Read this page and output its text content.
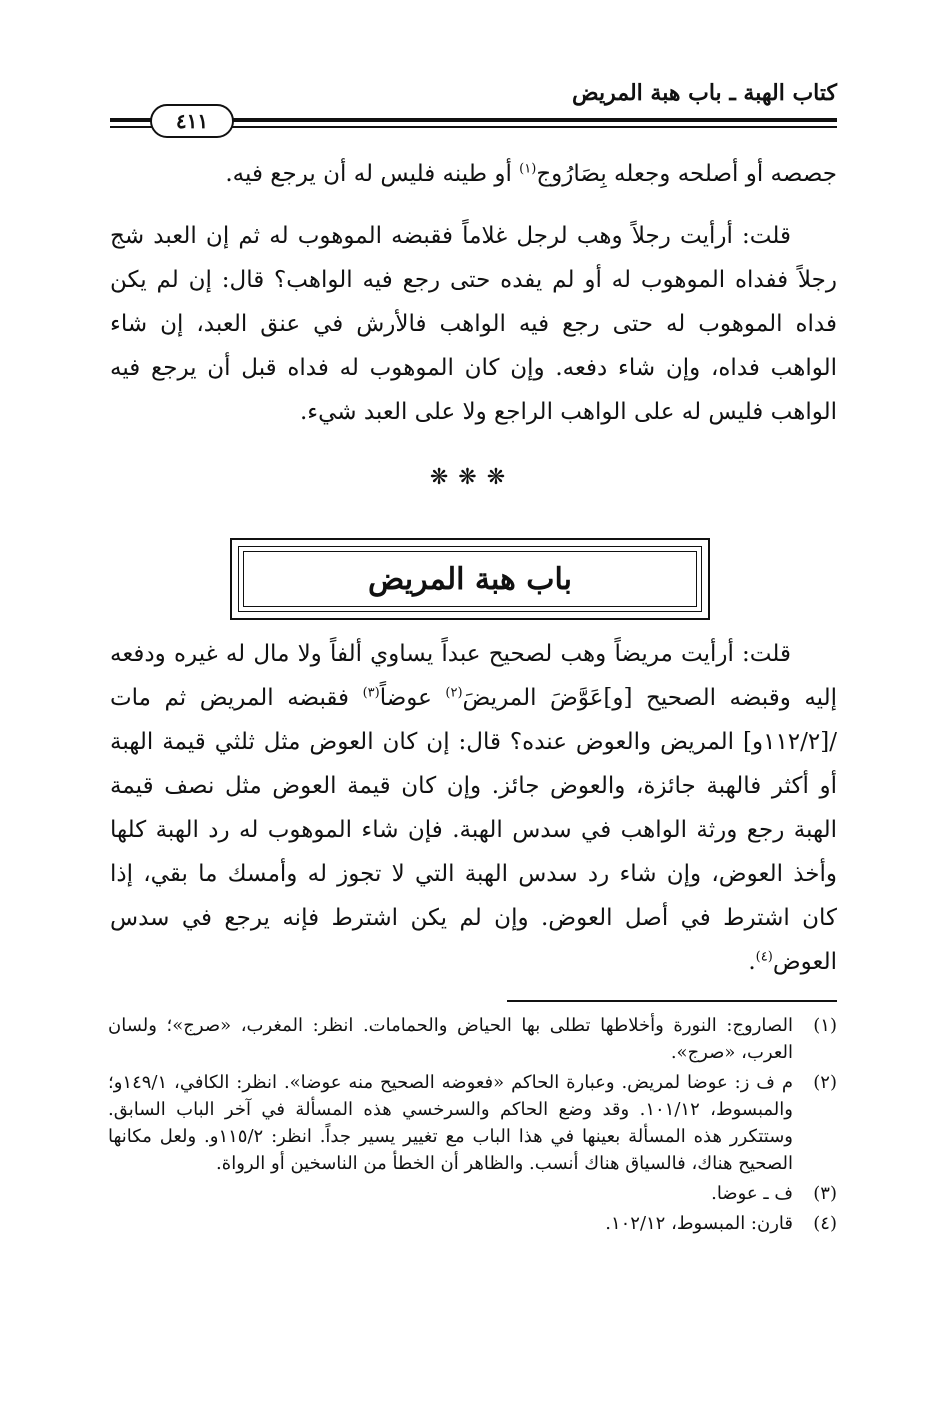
كتاب الهبة ـ باب هبة المريض
٤١١

جصصه أو أصلحه وجعله بِصَارُوج$^{(١)}$ أو طينه فليس له أن يرجع فيه.

قلت: أرأيت رجلاً وهب لرجل غلاماً فقبضه الموهوب له ثم إن العبد شج رجلاً ففداه الموهوب له أو لم يفده حتى رجع فيه الواهب؟ قال: إن لم يكن فداه الموهوب له حتى رجع فيه الواهب فالأرش في عنق العبد، إن شاء الواهب فداه، وإن شاء دفعه. وإن كان الموهوب له فداه قبل أن يرجع فيه الواهب فليس له على الواهب الراجع ولا على العبد شيء.

❋❋❋
باب هبة المريض

قلت: أرأيت مريضاً وهب لصحيح عبداً يساوي ألفاً ولا مال له غيره ودفعه إليه وقبضه الصحيح [و]عَوَّضَ المريضَ$^{(٢)}$ عوضاً$^{(٣)}$ فقبضه المريض ثم مات /[١١٢/٢و] المريض والعوض عنده؟ قال: إن كان العوض مثل ثلثي قيمة الهبة أو أكثر فالهبة جائزة، والعوض جائز. وإن كان قيمة العوض مثل نصف قيمة الهبة رجع ورثة الواهب في سدس الهبة. فإن شاء الموهوب له رد الهبة كلها وأخذ العوض، وإن شاء رد سدس الهبة التي لا تجوز له وأمسك ما بقي، إذا كان اشترط في أصل العوض. وإن لم يكن اشترط فإنه يرجع في سدس العوض$^{(٤)}$.

(١)
الصاروج: النورة وأخلاطها تطلى بها الحياض والحمامات. انظر: المغرب، «صرج»؛ ولسان العرب، «صرج».
(٢)
م ف ز: عوضا لمريض. وعبارة الحاكم «فعوضه الصحيح منه عوضا». انظر: الكافي، ١٤٩/١و؛ والمبسوط، ١٠١/١٢. وقد وضع الحاكم والسرخسي هذه المسألة في آخر الباب السابق. وستتكرر هذه المسألة بعينها في هذا الباب مع تغيير يسير جداً. انظر: ١١٥/٢و. ولعل مكانها الصحيح هناك، فالسياق هناك أنسب. والظاهر أن الخطأ من الناسخين أو الرواة.
(٣)
ف ـ عوضا.
(٤)
قارن: المبسوط، ١٠٢/١٢.
